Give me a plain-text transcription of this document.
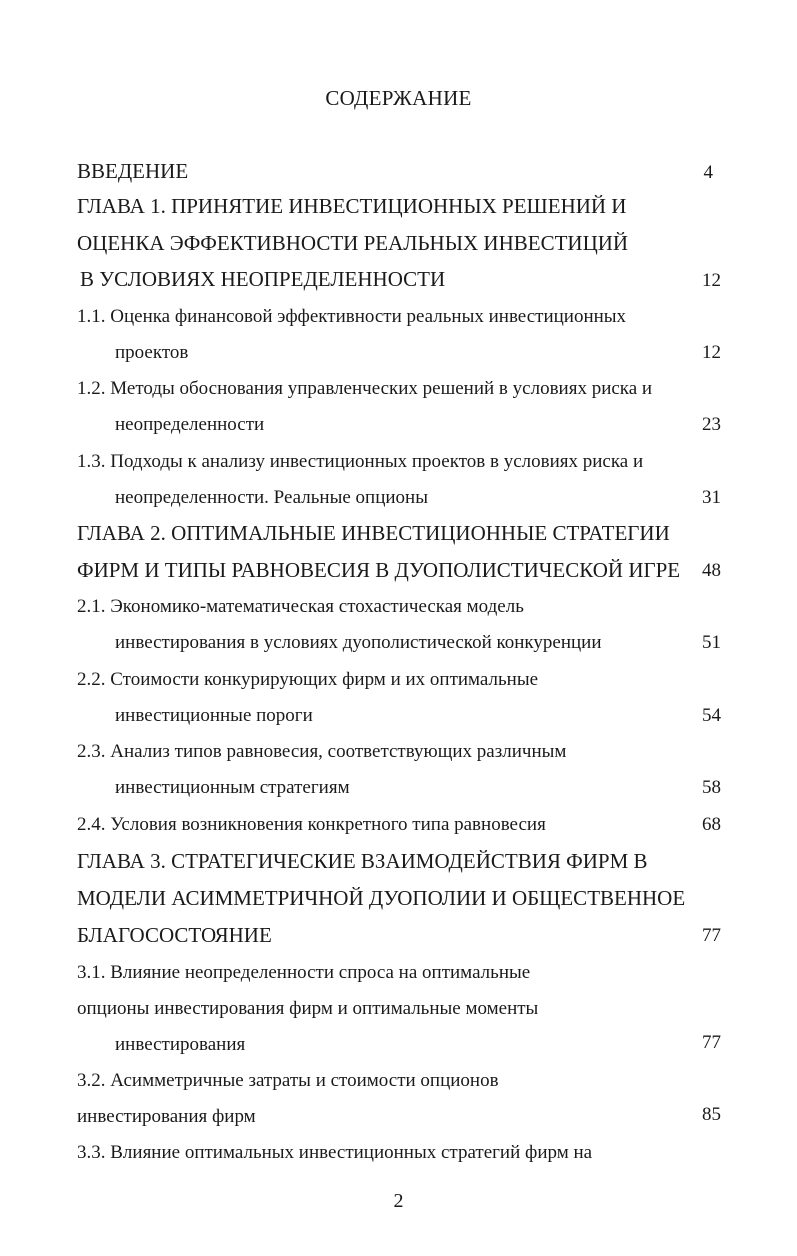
СОДЕРЖАНИЕ
ВВЕДЕНИЕ	4
ГЛАВА 1. ПРИНЯТИЕ ИНВЕСТИЦИОННЫХ РЕШЕНИЙ И
ОЦЕНКА ЭФФЕКТИВНОСТИ РЕАЛЬНЫХ ИНВЕСТИЦИЙ
В УСЛОВИЯХ НЕОПРЕДЕЛЕННОСТИ	12
1.1. Оценка финансовой эффективности реальных инвестиционных
проектов	12
1.2. Методы обоснования управленческих решений в условиях риска и
неопределенности	23
1.3. Подходы к анализу инвестиционных проектов в условиях риска и
неопределенности. Реальные опционы	31
ГЛАВА 2. ОПТИМАЛЬНЫЕ ИНВЕСТИЦИОННЫЕ СТРАТЕГИИ
ФИРМ И ТИПЫ РАВНОВЕСИЯ В ДУОПОЛИСТИЧЕСКОЙ ИГРЕ 48
2.1. Экономико-математическая стохастическая модель
инвестирования в условиях дуополистической конкуренции	51
2.2. Стоимости конкурирующих фирм и их оптимальные
инвестиционные пороги	54
2.3. Анализ типов равновесия, соответствующих различным
инвестиционным стратегиям	58
2.4. Условия возникновения конкретного типа равновесия	68
ГЛАВА 3. СТРАТЕГИЧЕСКИЕ ВЗАИМОДЕЙСТВИЯ ФИРМ В
МОДЕЛИ АСИММЕТРИЧНОЙ ДУОПОЛИИ И ОБЩЕСТВЕННОЕ
БЛАГОСОСТОЯНИЕ	77
3.1. Влияние неопределенности спроса на оптимальные
опционы инвестирования фирм и оптимальные моменты
инвестирования	77
3.2. Асимметричные затраты и стоимости опционов
инвестирования фирм	85
3.3. Влияние оптимальных инвестиционных стратегий фирм на
2
